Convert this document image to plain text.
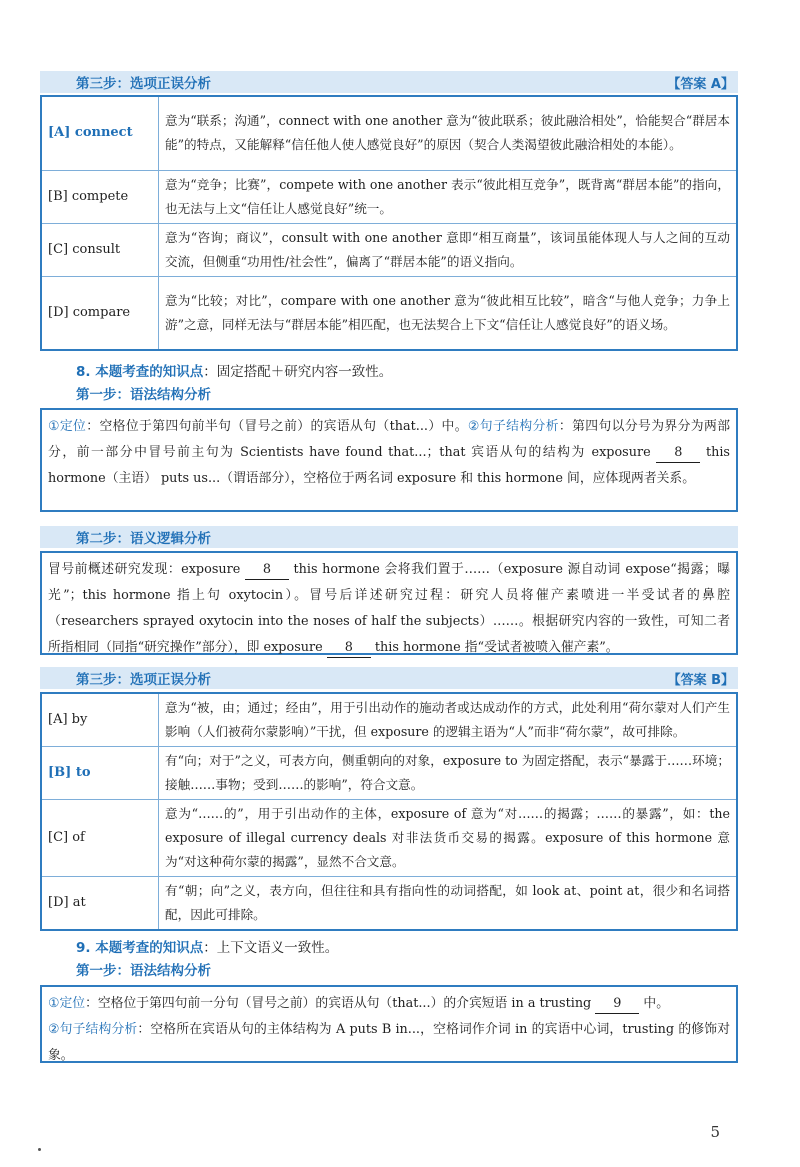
第三步：选项正误分析	【答案 A】
[A] connect	意为“联系；沟通”，connect with one another 意为“彼此联系；彼此融洽相处”，恰能契合“群居本能”的特点，又能解释“信任他人使人感觉良好”的原因（契合人类渴望彼此融洽相处的本能）。
[B] compete	意为“竞争；比赛”，compete with one another 表示“彼此相互竞争”，既背离“群居本能”的指向，也无法与上文“信任让人感觉良好”统一。
[C] consult	意为“咨询；商议”，consult with one another 意即“相互商量”，该词虽能体现人与人之间的互动交流，但侧重“功用性/社会性”，偏离了“群居本能”的语义指向。
[D] compare	意为“比较；对比”，compare with one another 意为“彼此相互比较”，暗含“与他人竞争；力争上游”之意，同样无法与“群居本能”相匹配，也无法契合上下文“信任让人感觉良好”的语义场。
8. 本题考查的知识点：固定搭配＋研究内容一致性。
第一步：语法结构分析
①定位：空格位于第四句前半句（冒号之前）的宾语从句（that...）中。②句子结构分析：第四句以分号为界分为两部分，前一部分中冒号前主句为 Scientists have found that...；that 宾语从句的结构为 exposure 8 this hormone（主语） puts us...（谓语部分），空格位于两名词 exposure 和 this hormone 间，应体现两者关系。
第二步：语义逻辑分析
冒号前概述研究发现：exposure 8 this hormone 会将我们置于……（exposure 源自动词 expose“揭露；曝光”；this hormone 指上句 oxytocin）。冒号后详述研究过程：研究人员将催产素喷进一半受试者的鼻腔（researchers sprayed oxytocin into the noses of half the subjects）……。根据研究内容的一致性，可知二者所指相同（同指“研究操作”部分），即 exposure 8 this hormone 指“受试者被喷入催产素”。
第三步：选项正误分析	【答案 B】
[A] by	意为“被，由；通过；经由”，用于引出动作的施动者或达成动作的方式，此处利用“荷尔蒙对人们产生影响（人们被荷尔蒙影响）”干扰，但 exposure 的逻辑主语为“人”而非“荷尔蒙”，故可排除。
[B] to	有“向；对于”之义，可表方向，侧重朝向的对象，exposure to 为固定搭配，表示“暴露于……环境；接触……事物；受到……的影响”，符合文意。
[C] of	意为“……的”，用于引出动作的主体，exposure of 意为“对……的揭露；……的暴露”，如：the exposure of illegal currency deals 对非法货币交易的揭露。exposure of this hormone 意为“对这种荷尔蒙的揭露”，显然不合文意。
[D] at	有“朝；向”之义，表方向，但往往和具有指向性的动词搭配，如 look at、point at，很少和名词搭配，因此可排除。
9. 本题考查的知识点：上下文语义一致性。
第一步：语法结构分析
①定位：空格位于第四句前一分句（冒号之前）的宾语从句（that...）的介宾短语 in a trusting 9 中。
②句子结构分析：空格所在宾语从句的主体结构为 A puts B in...，空格词作介词 in 的宾语中心词，trusting 的修饰对象。
5
